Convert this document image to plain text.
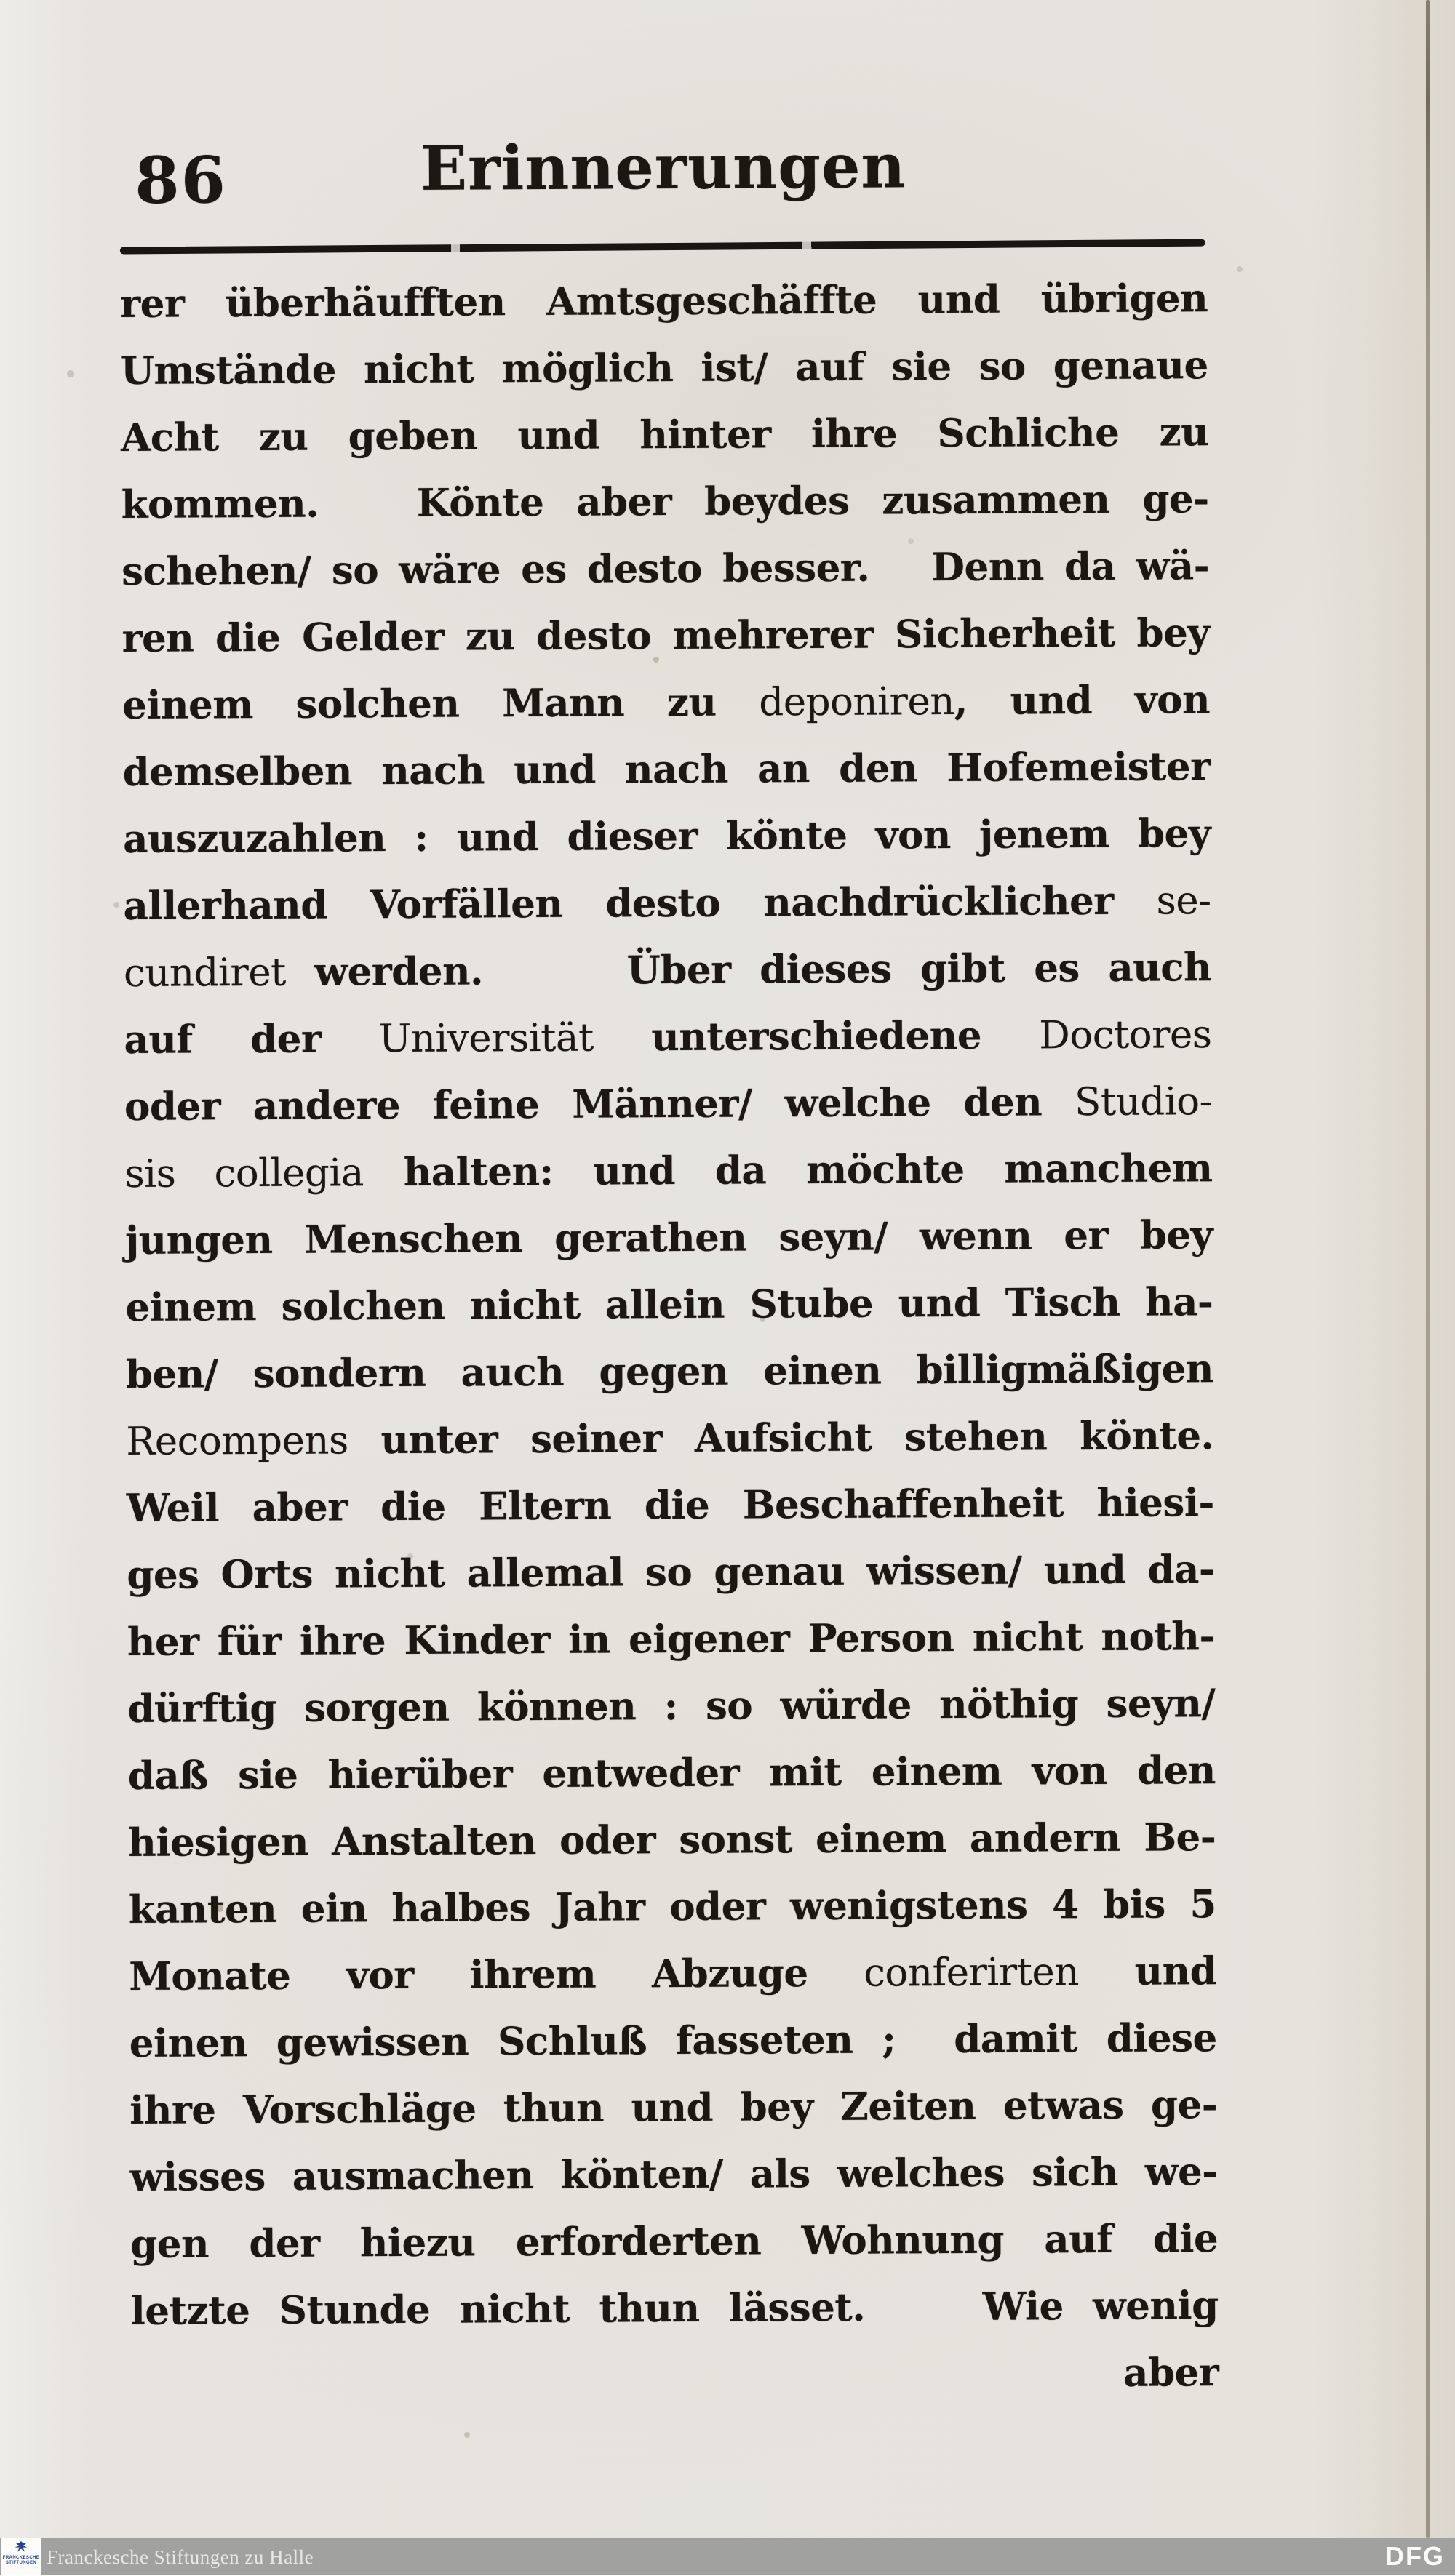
86	Erinnerungen
rer überhäufften Amtsgeschäffte und übrigen
Umstände nicht möglich ist/ auf sie so genaue
Acht zu geben und hinter ihre Schliche zu
kommen.   Könte aber beydes zusammen ge-
schehen/ so wäre es desto besser.   Denn da wä-
ren die Gelder zu desto mehrerer Sicherheit bey
einem solchen Mann zu deponiren, und von
demselben nach und nach an den Hofemeister
auszuzahlen : und dieser könte von jenem bey
allerhand Vorfällen desto nachdrücklicher se-
cundiret werden.     Über dieses gibt es auch
auf der Universität unterschiedene Doctores
oder andere feine Männer/ welche den Studio-
sis collegia halten: und da möchte manchem
jungen Menschen gerathen seyn/ wenn er bey
einem solchen nicht allein Stube und Tisch ha-
ben/ sondern auch gegen einen billigmäßigen
Recompens unter seiner Aufsicht stehen könte.
Weil aber die Eltern die Beschaffenheit hiesi-
ges Orts nicht allemal so genau wissen/ und da-
her für ihre Kinder in eigener Person nicht noth-
dürftig sorgen können : so würde nöthig seyn/
daß sie hierüber entweder mit einem von den
hiesigen Anstalten oder sonst einem andern Be-
kanten ein halbes Jahr oder wenigstens 4 bis 5
Monate vor ihrem Abzuge conferirten und
einen gewissen Schluß fasseten ;  damit diese
ihre Vorschläge thun und bey Zeiten etwas ge-
wisses ausmachen könten/ als welches sich we-
gen der hiezu erforderten Wohnung auf die
letzte Stunde nicht thun lässet.    Wie wenig
aber
FRANCKESCHE
STIFTUNGEN Franckesche Stiftungen zu Halle	DFG
